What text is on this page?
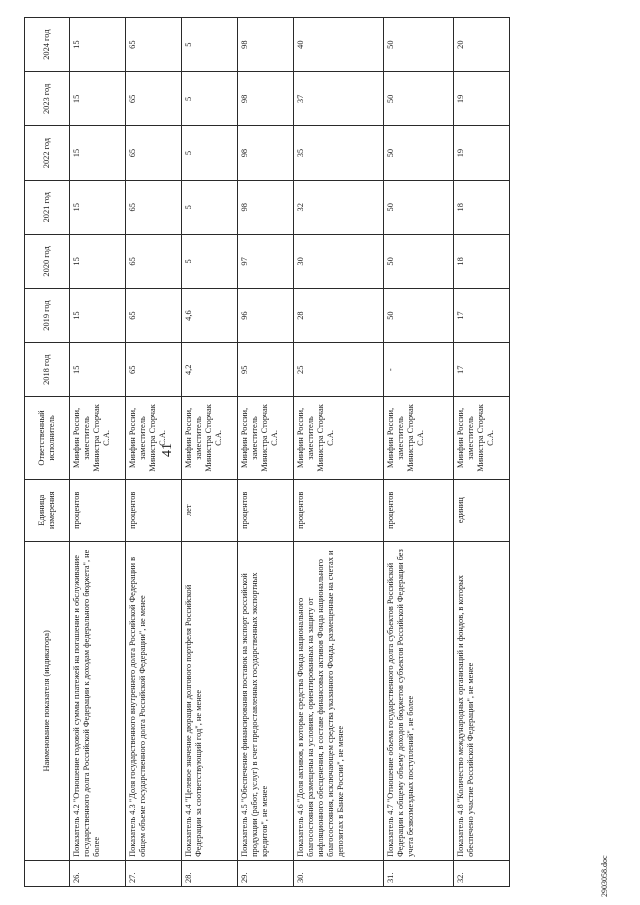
41
	Наименование показателя (индикатора)	Единица измерения	Ответственный исполнитель	2018 год	2019 год	2020 год	2021 год	2022 год	2023 год	2024 год
26.	Показатель 4.2 "Отношение годовой суммы платежей на погашение и обслуживание государственного долга Российской Федерации к доходам федерального бюджета", не более	процентов	Минфин России, заместитель Министра Сторчак С.А.	15	15	15	15	15	15	15
27.	Показатель 4.3 "Доля государственного внутреннего долга Российской Федерации в общем объеме государственного долга Российской Федерации", не менее	процентов	Минфин России, заместитель Министра Сторчак С.А.	65	65	65	65	65	65	65
28.	Показатель 4.4 "Целевое значение дюрации долгового портфеля Российской Федерации за соответствующий год", не менее	лет	Минфин России, заместитель Министра Сторчак С.А.	4,2	4,6	5	5	5	5	5
29.	Показатель 4.5 "Обеспечение финансирования поставок на экспорт российской продукции (работ, услуг) в счет предоставленных государственных экспортных кредитов", не менее	процентов	Минфин России, заместитель Министра Сторчак С.А.	95	96	97	98	98	98	98
30.	Показатель 4.6 "Доля активов, в которые средства Фонда национального благосостояния размещены на условиях, ориентированных на защиту от инфляционного обесценения, в составе финансовых активов Фонда национального благосостояния, исключающем средства указанного Фонда, размещенные на счетах и депозитах в Банке России", не менее	процентов	Минфин России, заместитель Министра Сторчак С.А.	25	28	30	32	35	37	40
31.	Показатель 4.7 "Отношение объема государственного долга субъектов Российской Федерации к общему объему доходов бюджетов субъектов Российской Федерации без учета безвозмездных поступлений", не более	процентов	Минфин России, заместитель Министра Сторчак С.А.	-	50	50	50	50	50	50
32.	Показатель 4.8 "Количество международных организаций и фондов, в которых обеспечено участие Российской Федерации", не менее	единиц	Минфин России, заместитель Министра Сторчак С.А.	17	17	18	18	19	19	20
2903058.doc
